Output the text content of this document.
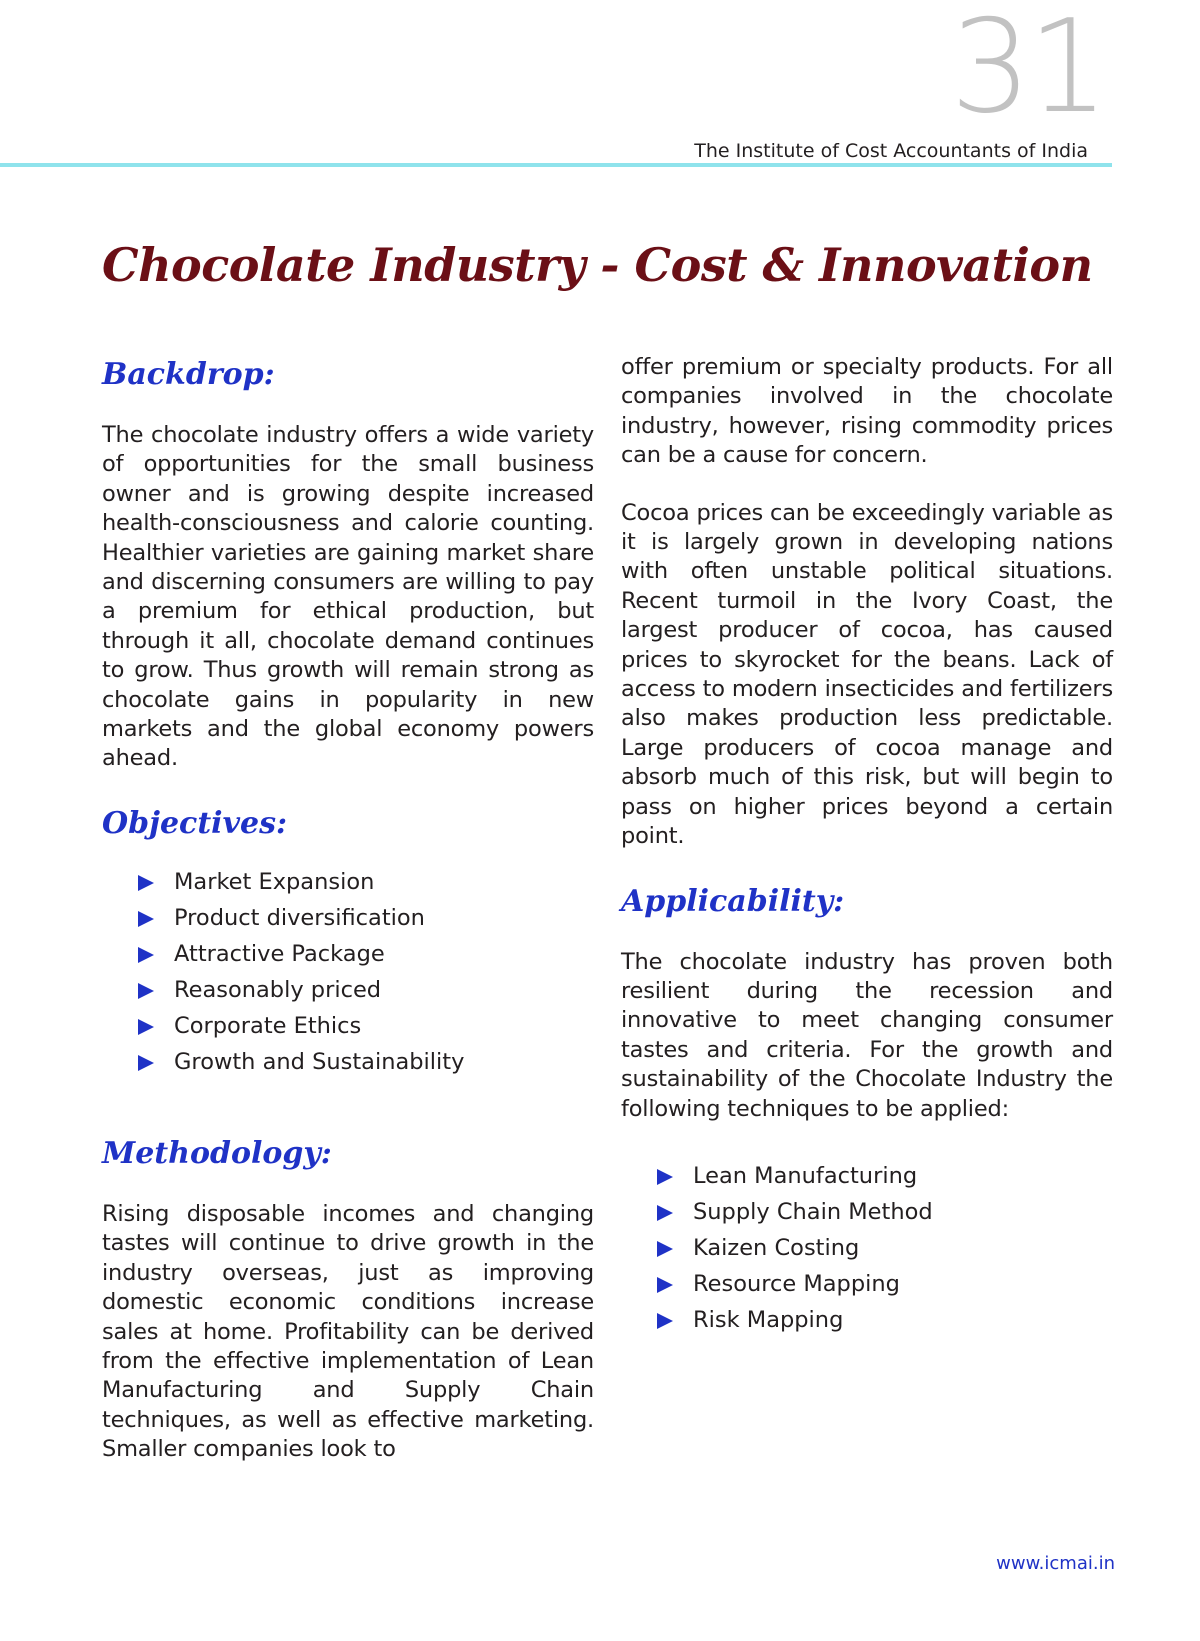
31
The Institute of Cost Accountants of India
Chocolate Industry - Cost & Innovation
Backdrop:

The chocolate industry offers a wide variety of opportunities for the small business owner and is growing despite increased health-consciousness and calorie counting. Healthier varieties are gaining market share and discerning consumers are willing to pay a premium for ethical production, but through it all, chocolate demand continues to grow. Thus growth will remain strong as chocolate gains in popularity in new markets and the global economy powers ahead.

Objectives:
Market Expansion
Product diversification
Attractive Package
Reasonably priced
Corporate Ethics
Growth and Sustainability
Methodology:

Rising disposable incomes and changing tastes will continue to drive growth in the industry overseas, just as improving domestic economic conditions increase sales at home. Profitability can be derived from the effective implementation of Lean Manufacturing and Supply Chain techniques, as well as effective marketing. Smaller companies look to

offer premium or specialty products. For all companies involved in the chocolate industry, however, rising commodity prices can be a cause for concern.

Cocoa prices can be exceedingly variable as it is largely grown in developing nations with often unstable political situations. Recent turmoil in the Ivory Coast, the largest producer of cocoa, has caused prices to skyrocket for the beans. Lack of access to modern insecticides and fertilizers also makes production less predictable. Large producers of cocoa manage and absorb much of this risk, but will begin to pass on higher prices beyond a certain point.

Applicability:

The chocolate industry has proven both resilient during the recession and innovative to meet changing consumer tastes and criteria. For the growth and sustainability of the Chocolate Industry the following techniques to be applied:

Lean Manufacturing
Supply Chain Method
Kaizen Costing
Resource Mapping
Risk Mapping
www.icmai.in
